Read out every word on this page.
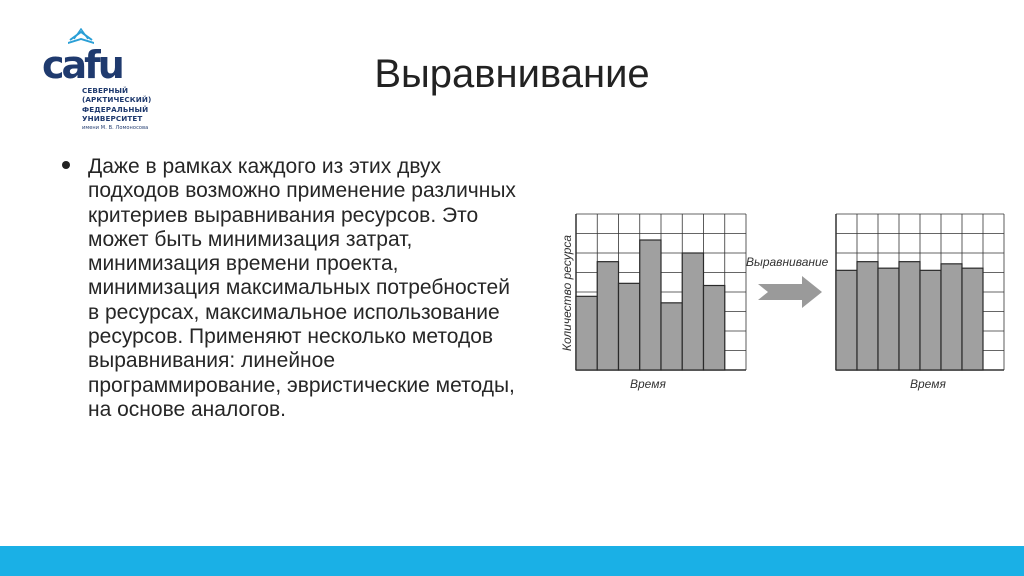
cafu
СЕВЕРНЫЙ
(АРКТИЧЕСКИЙ)
ФЕДЕРАЛЬНЫЙ
УНИВЕРСИТЕТ
имени М. В. Ломоносова
Выравнивание
Даже в рамках каждого из этих двух подходов возможно применение различных критериев выравнивания ресурсов. Это может быть минимизация затрат, минимизация времени проекта, минимизация максимальных потребностей в ресурсах, максимальное использование ресурсов. Применяют несколько методов выравнивания: линейное программирование, эвристические методы, на основе аналогов.
Количество ресурса
Время	Время
Выравнивание
